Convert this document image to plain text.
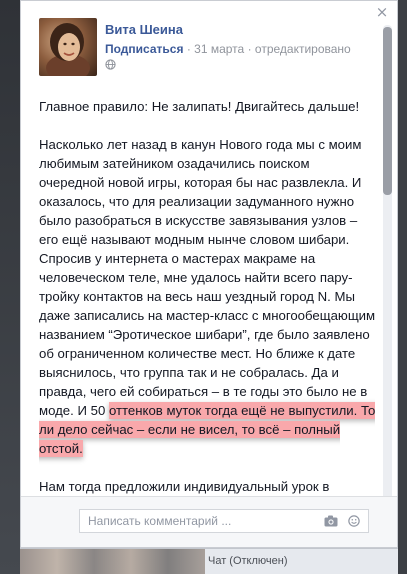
×
Вита Шеина
Подписаться · 31 марта · отредактировано

Главное правило: Не залипать! Двигайтесь дальше!

Насколько лет назад в канун Нового года мы с моим любимым затейником озадачились поиском очередной новой игры, которая бы нас развлекла. И оказалось, что для реализации задуманного нужно было разобраться в искусстве завязывания узлов – его ещё называют модным нынче словом шибари. Спросив у интернета о мастерах макраме на человеческом теле, мне удалось найти всего пару-тройку контактов на весь наш уездный город N. Мы даже записались на мастер-класс с многообещающим названием “Эротическое шибари”, где было заявлено об ограниченном количестве мест. Но ближе к дате выяснилось, что группа так и не собралась. Да и правда, чего ей собираться – в те годы это было не в моде. И 50 оттенков муток тогда ещё не выпустили. То ли дело сейчас – если не висел, то всё – полный отстой.

Нам тогда предложили индивидуальный урок в

Написать комментарий ...
Чат (Отключен)
